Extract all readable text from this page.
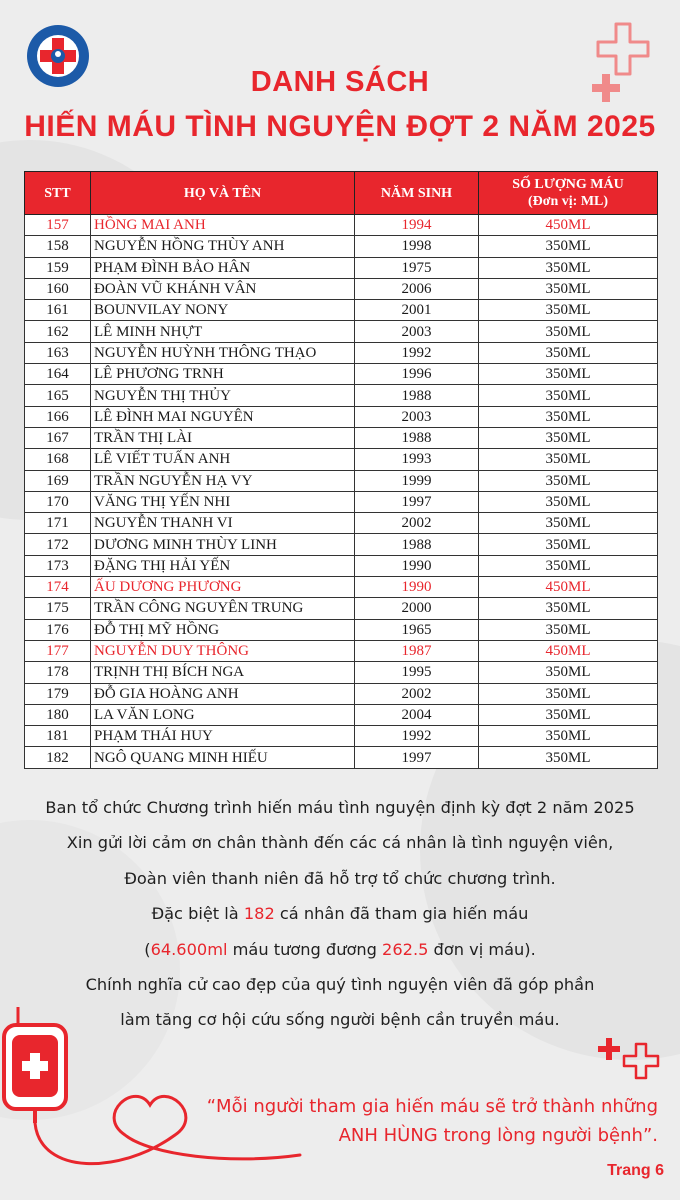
DANH SÁCH
HIẾN MÁU TÌNH NGUYỆN ĐỢT 2 NĂM 2025
STT	HỌ VÀ TÊN	NĂM SINH	SỐ LƯỢNG MÁU
(Đơn vị: ML)
157	HỒNG MAI ANH	1994	450ML
158	NGUYỄN HỒNG THÙY ANH	1998	350ML
159	PHẠM ĐÌNH BẢO HÂN	1975	350ML
160	ĐOÀN VŨ KHÁNH VÂN	2006	350ML
161	BOUNVILAY NONY	2001	350ML
162	LÊ MINH NHỰT	2003	350ML
163	NGUYỄN HUỲNH THÔNG THẠO	1992	350ML
164	LÊ PHƯƠNG TRNH	1996	350ML
165	NGUYỄN THỊ THỦY	1988	350ML
166	LÊ ĐÌNH MAI NGUYÊN	2003	350ML
167	TRẦN THỊ LÀI	1988	350ML
168	LÊ VIẾT TUẤN ANH	1993	350ML
169	TRẦN NGUYỄN HẠ VY	1999	350ML
170	VĂNG THỊ YẾN NHI	1997	350ML
171	NGUYỄN THANH VI	2002	350ML
172	DƯƠNG MINH THÙY LINH	1988	350ML
173	ĐẶNG THỊ HẢI YẾN	1990	350ML
174	ẤU DƯƠNG PHƯƠNG	1990	450ML
175	TRẦN CÔNG NGUYÊN TRUNG	2000	350ML
176	ĐỖ THỊ MỸ HỒNG	1965	350ML
177	NGUYỄN DUY THÔNG	1987	450ML
178	TRỊNH THỊ BÍCH NGA	1995	350ML
179	ĐỖ GIA HOÀNG ANH	2002	350ML
180	LA VĂN LONG	2004	350ML
181	PHẠM THÁI HUY	1992	350ML
182	NGÔ QUANG MINH HIẾU	1997	350ML
Ban tổ chức Chương trình hiến máu tình nguyện định kỳ đợt 2 năm 2025
Xin gửi lời cảm ơn chân thành đến các cá nhân là tình nguyện viên,
Đoàn viên thanh niên đã hỗ trợ tổ chức chương trình.
Đặc biệt là 182 cá nhân đã tham gia hiến máu
(64.600ml máu tương đương 262.5 đơn vị máu).
Chính nghĩa cử cao đẹp của quý tình nguyện viên đã góp phần
làm tăng cơ hội cứu sống người bệnh cần truyền máu.
“Mỗi người tham gia hiến máu sẽ trở thành những
ANH HÙNG trong lòng người bệnh”.
Trang 6
